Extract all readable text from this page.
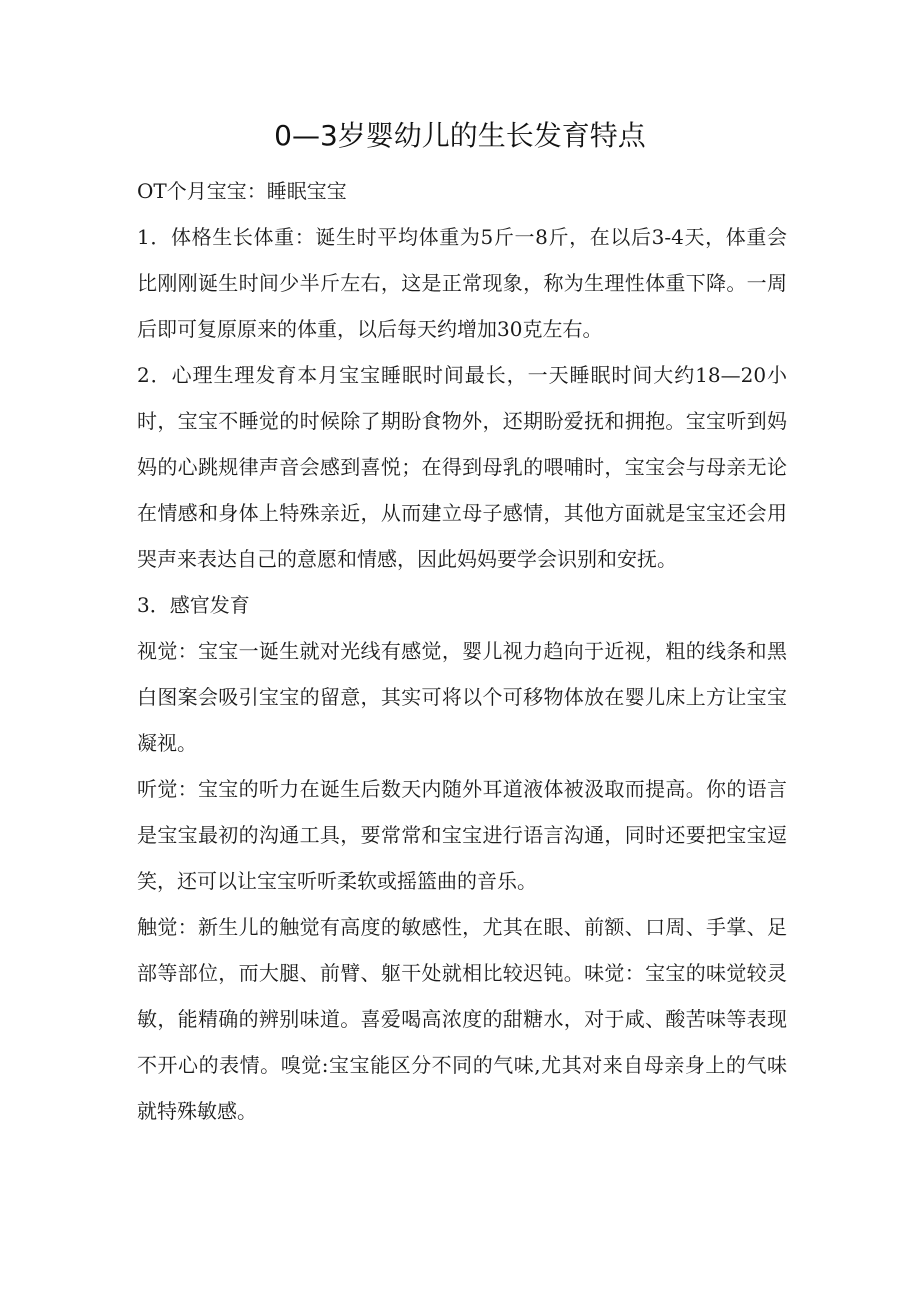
0—3岁婴幼儿的生长发育特点

OT个月宝宝：睡眠宝宝

1．体格生长体重：诞生时平均体重为5斤一8斤，在以后3-4天，体重会比刚刚诞生时间少半斤左右，这是正常现象，称为生理性体重下降。一周后即可复原原来的体重，以后每天约增加30克左右。

2．心理生理发育本月宝宝睡眠时间最长，一天睡眠时间大约18—20小时，宝宝不睡觉的时候除了期盼食物外，还期盼爱抚和拥抱。宝宝听到妈妈的心跳规律声音会感到喜悦；在得到母乳的喂哺时，宝宝会与母亲无论在情感和身体上特殊亲近，从而建立母子感情，其他方面就是宝宝还会用哭声来表达自己的意愿和情感，因此妈妈要学会识别和安抚。

3．感官发育

视觉：宝宝一诞生就对光线有感觉，婴儿视力趋向于近视，粗的线条和黑白图案会吸引宝宝的留意，其实可将以个可移物体放在婴儿床上方让宝宝凝视。

听觉：宝宝的听力在诞生后数天内随外耳道液体被汲取而提高。你的语言是宝宝最初的沟通工具，要常常和宝宝进行语言沟通，同时还要把宝宝逗笑，还可以让宝宝听听柔软或摇篮曲的音乐。

触觉：新生儿的触觉有高度的敏感性，尤其在眼、前额、口周、手掌、足部等部位，而大腿、前臂、躯干处就相比较迟钝。味觉：宝宝的味觉较灵敏，能精确的辨别味道。喜爱喝高浓度的甜糖水，对于咸、酸苦味等表现不开心的表情。嗅觉:宝宝能区分不同的气味,尤其对来自母亲身上的气味就特殊敏感。
